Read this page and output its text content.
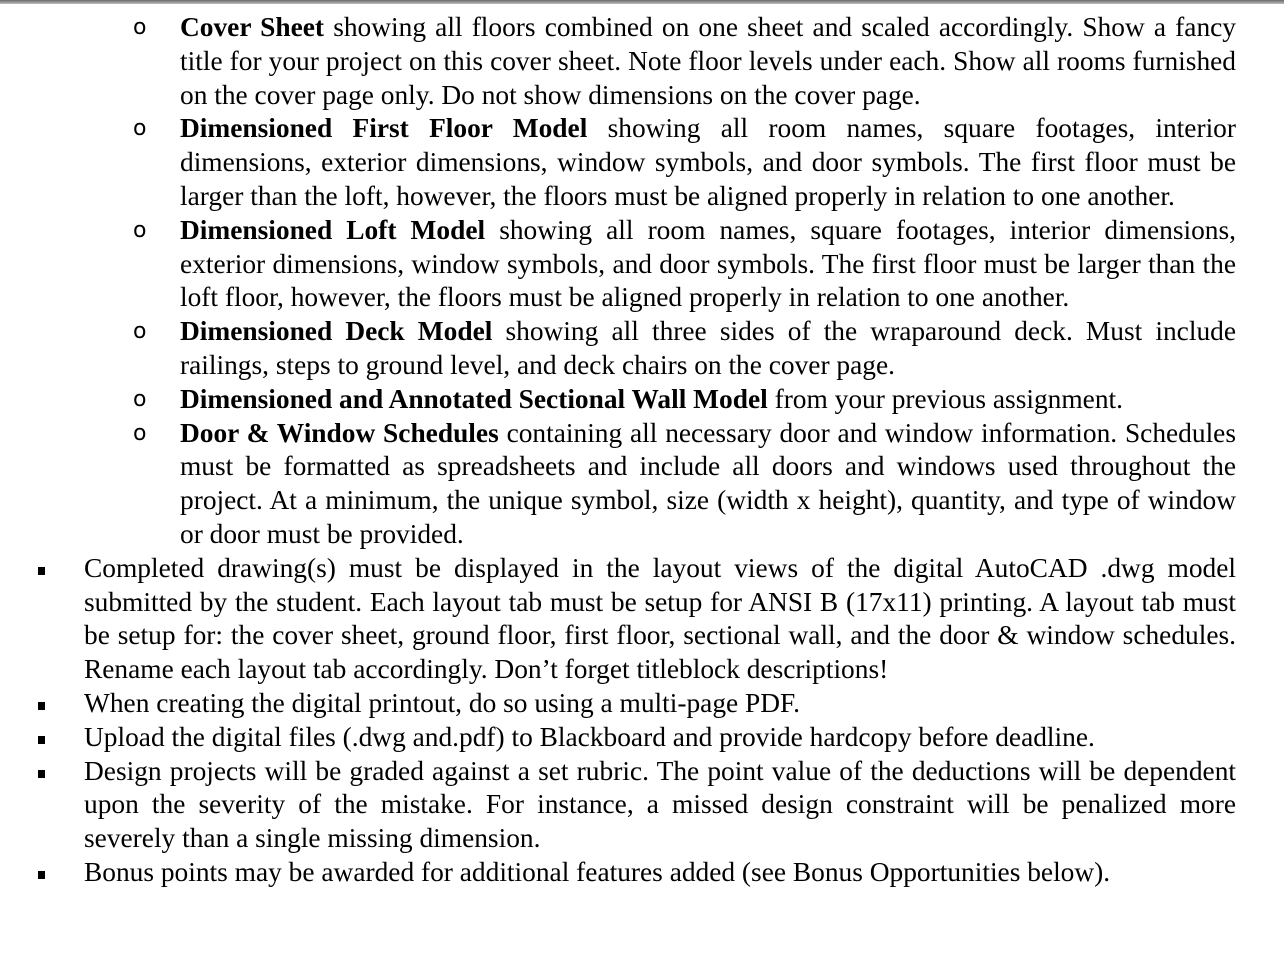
o Cover Sheet showing all floors combined on one sheet and scaled accordingly. Show a fancy title for your project on this cover sheet. Note floor levels under each. Show all rooms furnished on the cover page only. Do not show dimensions on the cover page.
o Dimensioned First Floor Model showing all room names, square footages, interior dimensions, exterior dimensions, window symbols, and door symbols. The first floor must be larger than the loft, however, the floors must be aligned properly in relation to one another.
o Dimensioned Loft Model showing all room names, square footages, interior dimensions, exterior dimensions, window symbols, and door symbols. The first floor must be larger than the loft floor, however, the floors must be aligned properly in relation to one another.
o Dimensioned Deck Model showing all three sides of the wraparound deck. Must include railings, steps to ground level, and deck chairs on the cover page.
o Dimensioned and Annotated Sectional Wall Model from your previous assignment.
o Door & Window Schedules containing all necessary door and window information. Schedules must be formatted as spreadsheets and include all doors and windows used throughout the project. At a minimum, the unique symbol, size (width x height), quantity, and type of window or door must be provided.
Completed drawing(s) must be displayed in the layout views of the digital AutoCAD .dwg model submitted by the student. Each layout tab must be setup for ANSI B (17x11) printing. A layout tab must be setup for: the cover sheet, ground floor, first floor, sectional wall, and the door & window schedules. Rename each layout tab accordingly. Don’t forget titleblock descriptions!
When creating the digital printout, do so using a multi-page PDF.
Upload the digital files (.dwg and.pdf) to Blackboard and provide hardcopy before deadline.
Design projects will be graded against a set rubric. The point value of the deductions will be dependent upon the severity of the mistake. For instance, a missed design constraint will be penalized more severely than a single missing dimension.
Bonus points may be awarded for additional features added (see Bonus Opportunities below).
